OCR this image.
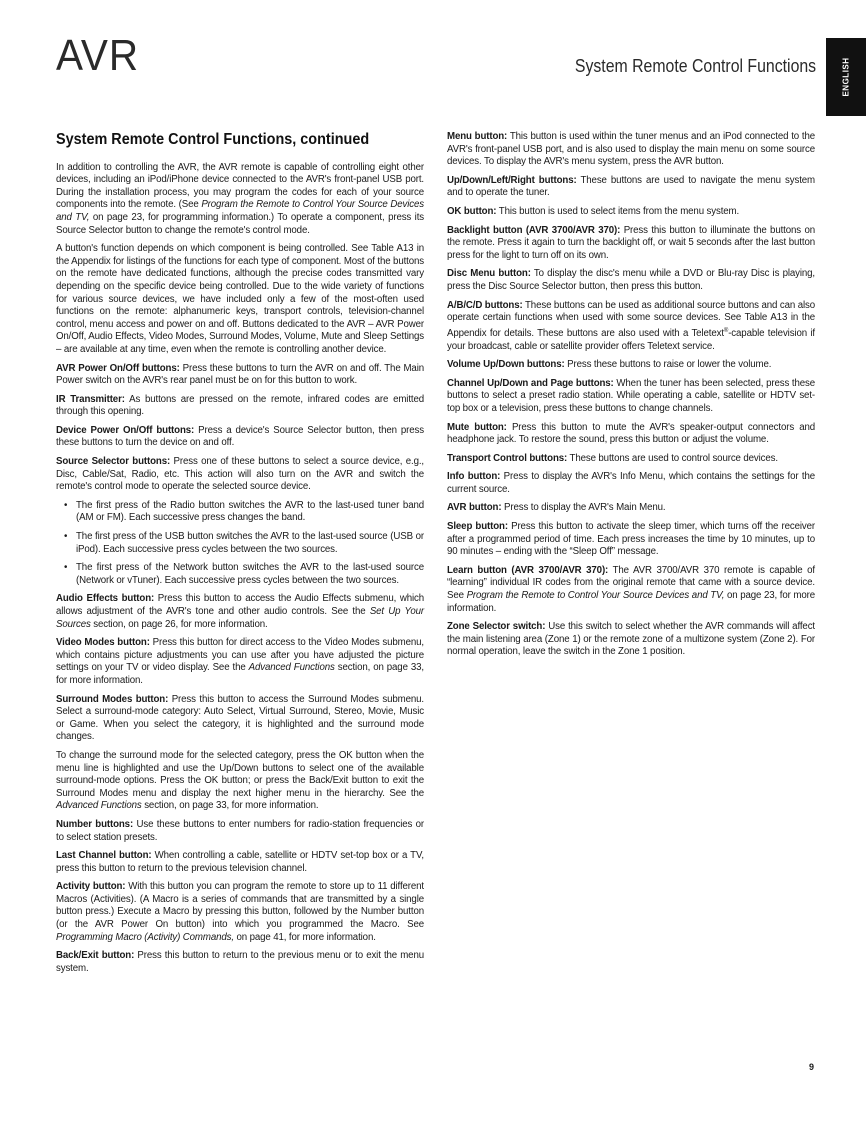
AVR	System Remote Control Functions	ENGLISH
System Remote Control Functions, continued

In addition to controlling the AVR, the AVR remote is capable of controlling eight other devices, including an iPod/iPhone device connected to the AVR's front-panel USB port. During the installation process, you may program the codes for each of your source components into the remote. (See Program the Remote to Control Your Source Devices and TV, on page 23, for programming information.) To operate a component, press its Source Selector button to change the remote's control mode.

A button's function depends on which component is being controlled. See Table A13 in the Appendix for listings of the functions for each type of component. Most of the buttons on the remote have dedicated functions, although the precise codes transmitted vary depending on the specific device being controlled. Due to the wide variety of functions for various source devices, we have included only a few of the most-often used functions on the remote: alphanumeric keys, transport controls, television-channel control, menu access and power on and off. Buttons dedicated to the AVR – AVR Power On/Off, Audio Effects, Video Modes, Surround Modes, Volume, Mute and Sleep Settings – are available at any time, even when the remote is controlling another device.

AVR Power On/Off buttons: Press these buttons to turn the AVR on and off. The Main Power switch on the AVR's rear panel must be on for this button to work.

IR Transmitter: As buttons are pressed on the remote, infrared codes are emitted through this opening.

Device Power On/Off buttons: Press a device's Source Selector button, then press these buttons to turn the device on and off.

Source Selector buttons: Press one of these buttons to select a source device, e.g., Disc, Cable/Sat, Radio, etc. This action will also turn on the AVR and switch the remote's control mode to operate the selected source device.

• The first press of the Radio button switches the AVR to the last-used tuner band (AM or FM). Each successive press changes the band.
• The first press of the USB button switches the AVR to the last-used source (USB or iPod). Each successive press cycles between the two sources.
• The first press of the Network button switches the AVR to the last-used source (Network or vTuner). Each successive press cycles between the two sources.

Audio Effects button: Press this button to access the Audio Effects submenu, which allows adjustment of the AVR's tone and other audio controls. See the Set Up Your Sources section, on page 26, for more information.

Video Modes button: Press this button for direct access to the Video Modes submenu, which contains picture adjustments you can use after you have adjusted the picture settings on your TV or video display. See the Advanced Functions section, on page 33, for more information.

Surround Modes button: Press this button to access the Surround Modes submenu. Select a surround-mode category: Auto Select, Virtual Surround, Stereo, Movie, Music or Game. When you select the category, it is highlighted and the surround mode changes.

To change the surround mode for the selected category, press the OK button when the menu line is highlighted and use the Up/Down buttons to select one of the available surround-mode options. Press the OK button; or press the Back/Exit button to exit the Surround Modes menu and display the next higher menu in the hierarchy. See the Advanced Functions section, on page 33, for more information.

Number buttons: Use these buttons to enter numbers for radio-station frequencies or to select station presets.

Last Channel button: When controlling a cable, satellite or HDTV set-top box or a TV, press this button to return to the previous television channel.

Activity button: With this button you can program the remote to store up to 11 different Macros (Activities). (A Macro is a series of commands that are transmitted by a single button press.) Execute a Macro by pressing this button, followed by the Number button (or the AVR Power On button) into which you programmed the Macro. See Programming Macro (Activity) Commands, on page 41, for more information.

Back/Exit button: Press this button to return to the previous menu or to exit the menu system.

Menu button: This button is used within the tuner menus and an iPod connected to the AVR's front-panel USB port, and is also used to display the main menu on some source devices. To display the AVR's menu system, press the AVR button.

Up/Down/Left/Right buttons: These buttons are used to navigate the menu system and to operate the tuner.

OK button: This button is used to select items from the menu system.

Backlight button (AVR 3700/AVR 370): Press this button to illuminate the buttons on the remote. Press it again to turn the backlight off, or wait 5 seconds after the last button press for the light to turn off on its own.

Disc Menu button: To display the disc's menu while a DVD or Blu-ray Disc is playing, press the Disc Source Selector button, then press this button.

A/B/C/D buttons: These buttons can be used as additional source buttons and can also operate certain functions when used with some source devices. See Table A13 in the Appendix for details. These buttons are also used with a Teletext®-capable television if your broadcast, cable or satellite provider offers Teletext service.

Volume Up/Down buttons: Press these buttons to raise or lower the volume.

Channel Up/Down and Page buttons: When the tuner has been selected, press these buttons to select a preset radio station. While operating a cable, satellite or HDTV set-top box or a television, press these buttons to change channels.

Mute button: Press this button to mute the AVR's speaker-output connectors and headphone jack. To restore the sound, press this button or adjust the volume.

Transport Control buttons: These buttons are used to control source devices.

Info button: Press to display the AVR's Info Menu, which contains the settings for the current source.

AVR button: Press to display the AVR's Main Menu.

Sleep button: Press this button to activate the sleep timer, which turns off the receiver after a programmed period of time. Each press increases the time by 10 minutes, up to 90 minutes – ending with the “Sleep Off” message.

Learn button (AVR 3700/AVR 370): The AVR 3700/AVR 370 remote is capable of “learning” individual IR codes from the original remote that came with a source device. See Program the Remote to Control Your Source Devices and TV, on page 23, for more information.

Zone Selector switch: Use this switch to select whether the AVR commands will affect the main listening area (Zone 1) or the remote zone of a multizone system (Zone 2). For normal operation, leave the switch in the Zone 1 position.

9
